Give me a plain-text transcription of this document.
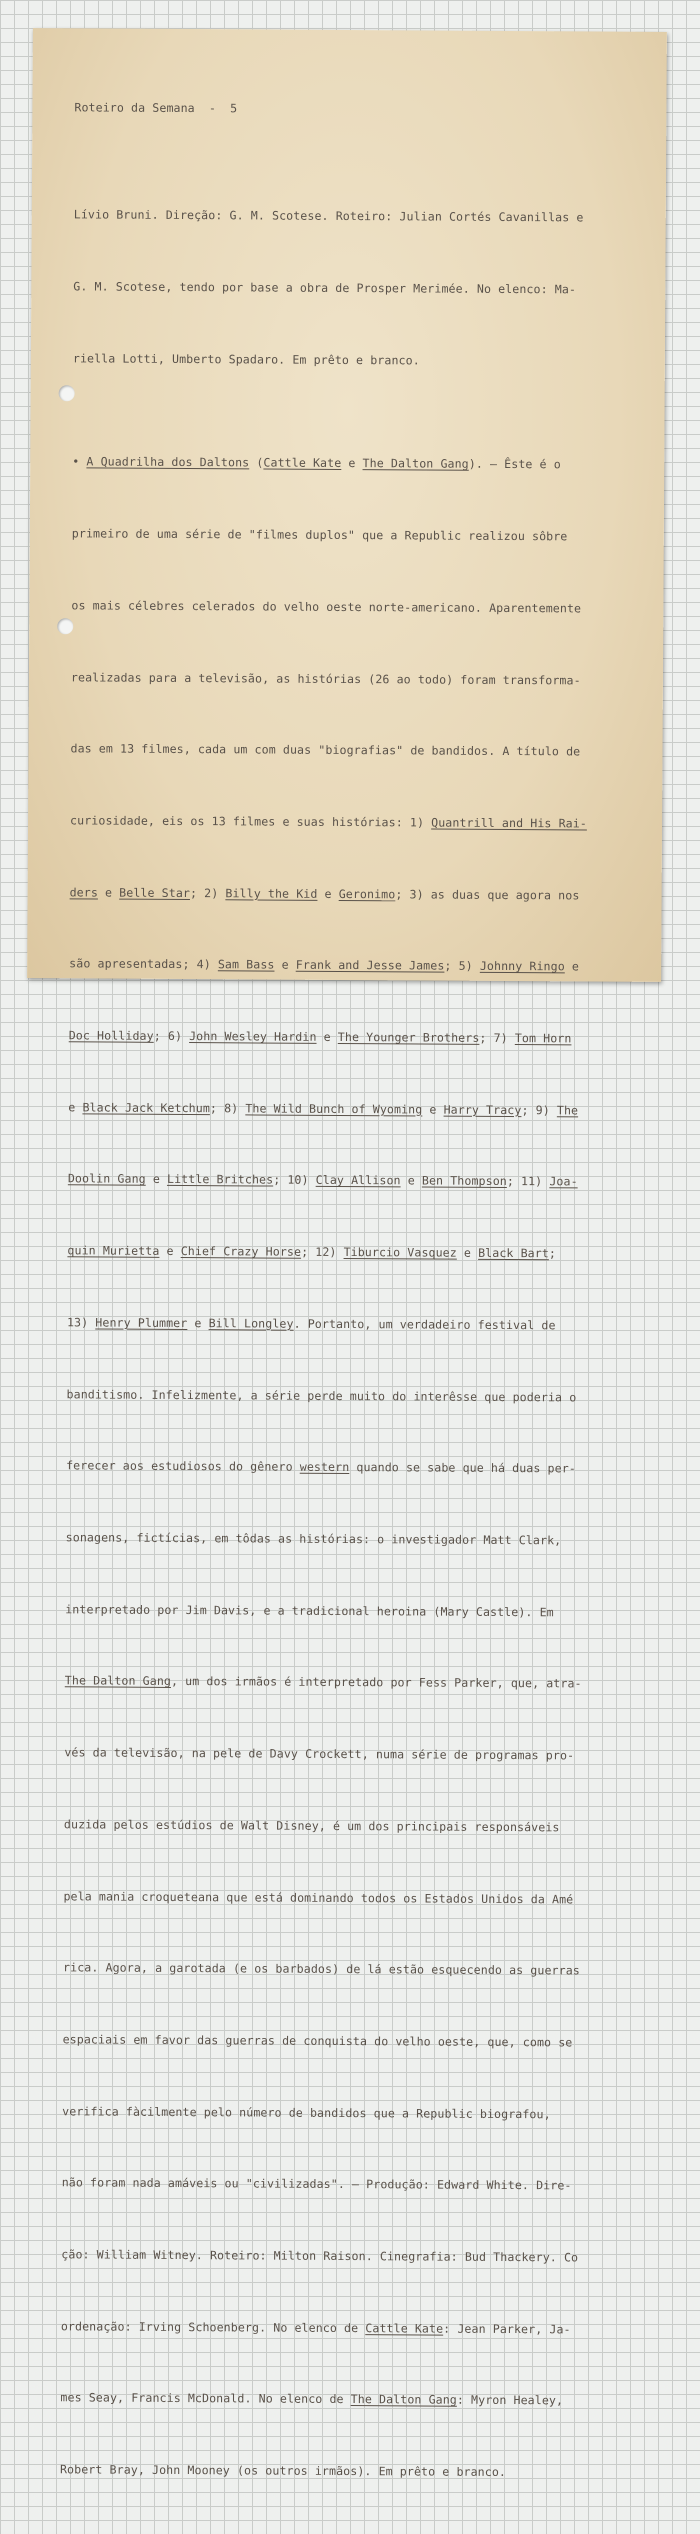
Roteiro da Semana  -  5

Lívio Bruni. Direção: G. M. Scotese. Roteiro: Julian Cortés Cavanillas e

G. M. Scotese, tendo por base a obra de Prosper Merimée. No elenco: Ma-

riella Lotti, Umberto Spadaro. Em prêto e branco.

• A Quadrilha dos Daltons (Cattle Kate e The Dalton Gang). — Êste é o

primeiro de uma série de "filmes duplos" que a Republic realizou sôbre

os mais célebres celerados do velho oeste norte-americano. Aparentemente

realizadas para a televisão, as histórias (26 ao todo) foram transforma-

das em 13 filmes, cada um com duas "biografias" de bandidos. A título de

curiosidade, eis os 13 filmes e suas histórias: 1) Quantrill and His Rai-

ders e Belle Star; 2) Billy the Kid e Geronimo; 3) as duas que agora nos

são apresentadas; 4) Sam Bass e Frank and Jesse James; 5) Johnny Ringo e

Doc Holliday; 6) John Wesley Hardin e The Younger Brothers; 7) Tom Horn

e Black Jack Ketchum; 8) The Wild Bunch of Wyoming e Harry Tracy; 9) The

Doolin Gang e Little Britches; 10) Clay Allison e Ben Thompson; 11) Joa-

quin Murietta e Chief Crazy Horse; 12) Tiburcio Vasquez e Black Bart;

13) Henry Plummer e Bill Longley. Portanto, um verdadeiro festival de

banditismo. Infelizmente, a série perde muito do interêsse que poderia o

ferecer aos estudiosos do gênero western quando se sabe que há duas per-

sonagens, fictícias, em tôdas as histórias: o investigador Matt Clark,

interpretado por Jim Davis, e a tradicional heroina (Mary Castle). Em

The Dalton Gang, um dos irmãos é interpretado por Fess Parker, que, atra-

vés da televisão, na pele de Davy Crockett, numa série de programas pro-

duzida pelos estúdios de Walt Disney, é um dos principais responsáveis

pela mania croqueteana que está dominando todos os Estados Unidos da Amé

rica. Agora, a garotada (e os barbados) de lá estão esquecendo as guerras

espaciais em favor das guerras de conquista do velho oeste, que, como se

verifica fàcilmente pelo número de bandidos que a Republic biografou,

não foram nada amáveis ou "civilizadas". — Produção: Edward White. Dire-

ção: William Witney. Roteiro: Milton Raison. Cinegrafia: Bud Thackery. Co

ordenação: Irving Schoenberg. No elenco de Cattle Kate: Jean Parker, Ja-

mes Seay, Francis McDonald. No elenco de The Dalton Gang: Myron Healey,

Robert Bray, John Mooney (os outros irmãos). Em prêto e branco.
